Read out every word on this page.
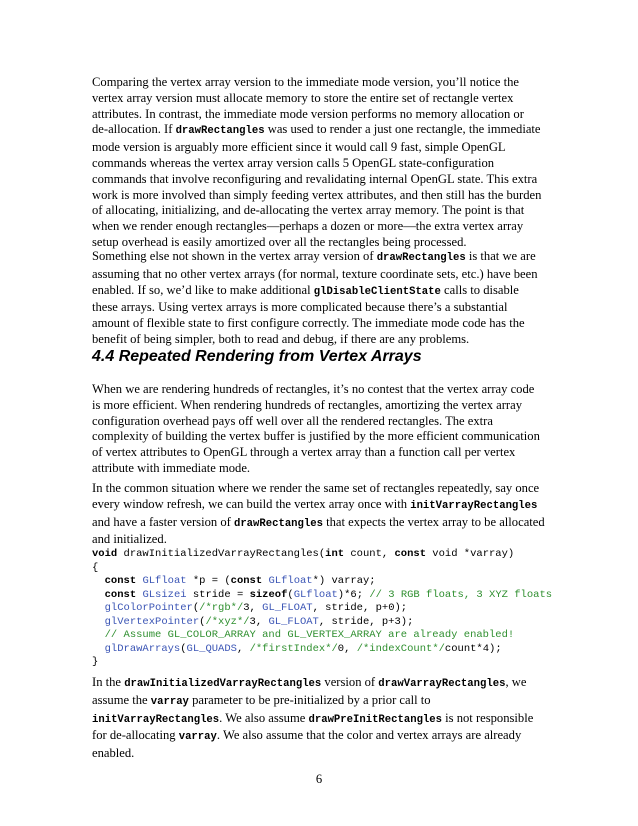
Comparing the vertex array version to the immediate mode version, you’ll notice the
vertex array version must allocate memory to store the entire set of rectangle vertex
attributes. In contrast, the immediate mode version performs no memory allocation or
de-allocation. If drawRectangles was used to render a just one rectangle, the immediate
mode version is arguably more efficient since it would call 9 fast, simple OpenGL
commands whereas the vertex array version calls 5 OpenGL state-configuration
commands that involve reconfiguring and revalidating internal OpenGL state. This extra
work is more involved than simply feeding vertex attributes, and then still has the burden
of allocating, initializing, and de-allocating the vertex array memory. The point is that
when we render enough rectangles—perhaps a dozen or more—the extra vertex array
setup overhead is easily amortized over all the rectangles being processed.

Something else not shown in the vertex array version of drawRectangles is that we are
assuming that no other vertex arrays (for normal, texture coordinate sets, etc.) have been
enabled. If so, we’d like to make additional glDisableClientState calls to disable
these arrays. Using vertex arrays is more complicated because there’s a substantial
amount of flexible state to first configure correctly. The immediate mode code has the
benefit of being simpler, both to read and debug, if there are any problems.

4.4 Repeated Rendering from Vertex Arrays

When we are rendering hundreds of rectangles, it’s no contest that the vertex array code
is more efficient. When rendering hundreds of rectangles, amortizing the vertex array
configuration overhead pays off well over all the rendered rectangles. The extra
complexity of building the vertex buffer is justified by the more efficient communication
of vertex attributes to OpenGL through a vertex array than a function call per vertex
attribute with immediate mode.

In the common situation where we render the same set of rectangles repeatedly, say once
every window refresh, we can build the vertex array once with initVarrayRectangles
and have a faster version of drawRectangles that expects the vertex array to be allocated
and initialized.

void drawInitializedVarrayRectangles(int count, const void *varray)
{
const GLfloat *p = (const GLfloat*) varray;
const GLsizei stride = sizeof(GLfloat)*6; // 3 RGB floats, 3 XYZ floats
glColorPointer(/*rgb*/3, GL_FLOAT, stride, p+0);
glVertexPointer(/*xyz*/3, GL_FLOAT, stride, p+3);
// Assume GL_COLOR_ARRAY and GL_VERTEX_ARRAY are already enabled!
glDrawArrays(GL_QUADS, /*firstIndex*/0, /*indexCount*/count*4);
}

In the drawInitializedVarrayRectangles version of drawVarrayRectangles, we
assume the varray parameter to be pre-initialized by a prior call to
initVarrayRectangles. We also assume drawPreInitRectangles is not responsible
for de-allocating varray. We also assume that the color and vertex arrays are already
enabled.

6
